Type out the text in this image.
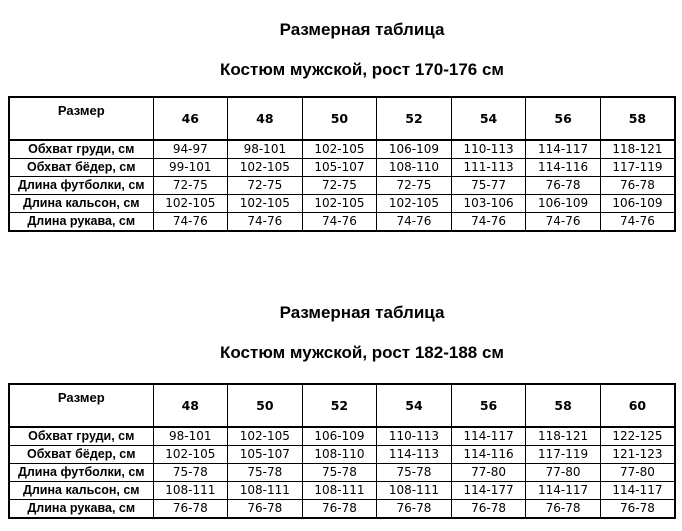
Размерная таблица
Костюм мужской, рост 170-176 см
Размер	46	48	50	52	54	56	58
Обхват груди, см	94-97	98-101	102-105	106-109	110-113	114-117	118-121
Обхват бёдер, см	99-101	102-105	105-107	108-110	111-113	114-116	117-119
Длина футболки, см	72-75	72-75	72-75	72-75	75-77	76-78	76-78
Длина кальсон, см	102-105	102-105	102-105	102-105	103-106	106-109	106-109
Длина рукава, см	74-76	74-76	74-76	74-76	74-76	74-76	74-76
Размерная таблица
Костюм мужской, рост 182-188 см
Размер	48	50	52	54	56	58	60
Обхват груди, см	98-101	102-105	106-109	110-113	114-117	118-121	122-125
Обхват бёдер, см	102-105	105-107	108-110	114-113	114-116	117-119	121-123
Длина футболки, см	75-78	75-78	75-78	75-78	77-80	77-80	77-80
Длина кальсон, см	108-111	108-111	108-111	108-111	114-177	114-117	114-117
Длина рукава, см	76-78	76-78	76-78	76-78	76-78	76-78	76-78
